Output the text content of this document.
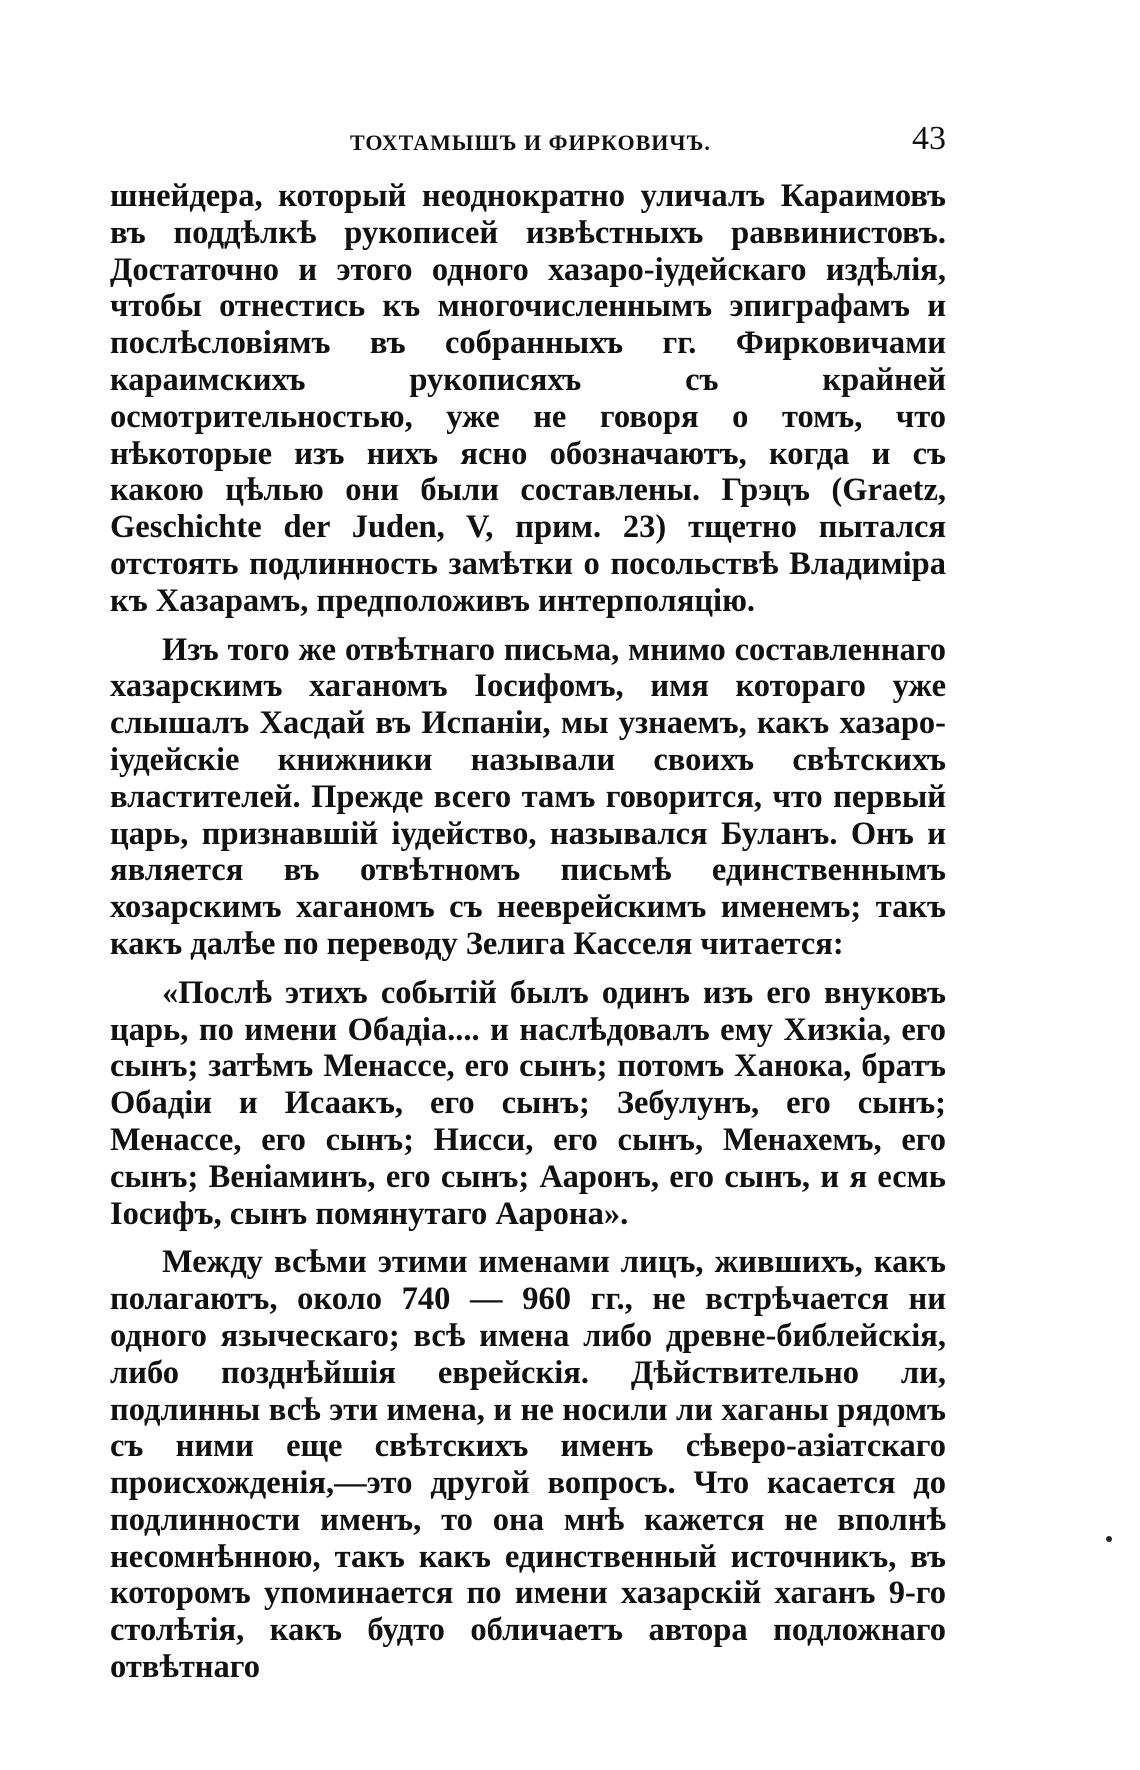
ТОХТАМЫШЪ И ФИРКОВИЧЪ.	43

шнейдера, который неоднократно уличалъ Караимовъ въ поддѣлкѣ рукописей извѣстныхъ раввинистовъ. Достаточно и этого одного хазаро-іудейскаго издѣлія, чтобы отнестись къ многочисленнымъ эпиграфамъ и послѣсловіямъ въ собранныхъ гг. Фирковичами караимскихъ рукописяхъ съ крайней осмотрительностью, уже не говоря о томъ, что нѣкоторые изъ нихъ ясно обозначаютъ, когда и съ какою цѣлью они были составлены. Грэцъ (Graetz, Geschichte der Juden, V, прим. 23) тщетно пытался отстоять подлинность замѣтки о посольствѣ Владиміра къ Хазарамъ, предположивъ интерполяцію.

Изъ того же отвѣтнаго письма, мнимо составленнаго хазарскимъ хаганомъ Іосифомъ, имя котораго уже слышалъ Хасдай въ Испаніи, мы узнаемъ, какъ хазаро-іудейскіе книжники называли своихъ свѣтскихъ властителей. Прежде всего тамъ говорится, что первый царь, признавшій іудейство, назывался Буланъ. Онъ и является въ отвѣтномъ письмѣ единственнымъ хозарскимъ хаганомъ съ нееврейскимъ именемъ; такъ какъ далѣе по переводу Зелига Касселя читается:

«Послѣ этихъ событій былъ одинъ изъ его внуковъ царь, по имени Обадіа.... и наслѣдовалъ ему Хизкіа, его сынъ; затѣмъ Менассе, его сынъ; потомъ Ханока, братъ Обадіи и Исаакъ, его сынъ; Зебулунъ, его сынъ; Менассе, его сынъ; Нисси, его сынъ, Менахемъ, его сынъ; Веніаминъ, его сынъ; Ааронъ, его сынъ, и я есмь Іосифъ, сынъ помянутаго Аарона».

Между всѣми этими именами лицъ, жившихъ, какъ полагаютъ, около 740 — 960 гг., не встрѣчается ни одного языческаго; всѣ имена либо древне-библейскія, либо позднѣйшія еврейскія. Дѣйствительно ли, подлинны всѣ эти имена, и не носили ли хаганы рядомъ съ ними еще свѣтскихъ именъ сѣверо-азіатскаго происхожденія,—это другой вопросъ. Что касается до подлинности именъ, то она мнѣ кажется не вполнѣ несомнѣнною, такъ какъ единственный источникъ, въ которомъ упоминается по имени хазарскій хаганъ 9-го столѣтія, какъ будто обличаетъ автора подложнаго отвѣтнаго
